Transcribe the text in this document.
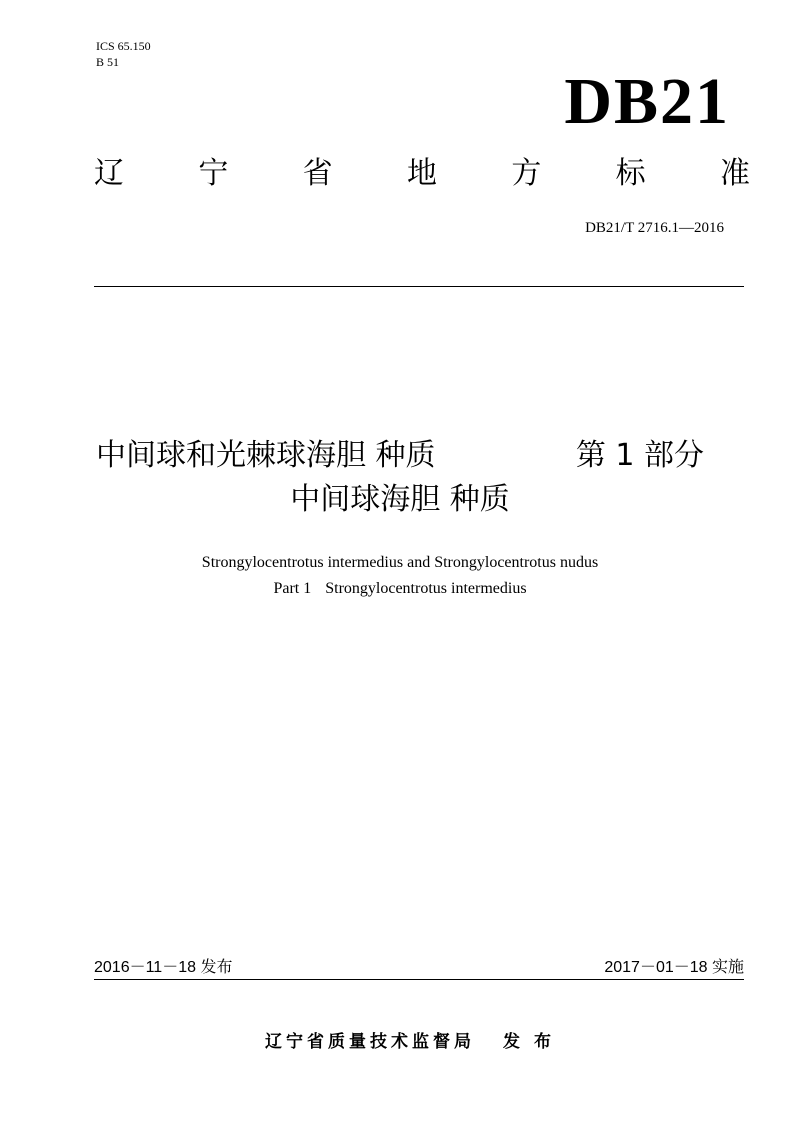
ICS 65.150
B 51
DB21
辽 宁 省 地 方 标 准
DB21/T 2716.1—2016
中间球和光棘球海胆 种质	第 1 部分
中间球海胆 种质
Strongylocentrotus intermedius and Strongylocentrotus nudus
Part 1 Strongylocentrotus intermedius
2016－11－18 发布	2017－01－18 实施
辽宁省质量技术监督局 发 布
